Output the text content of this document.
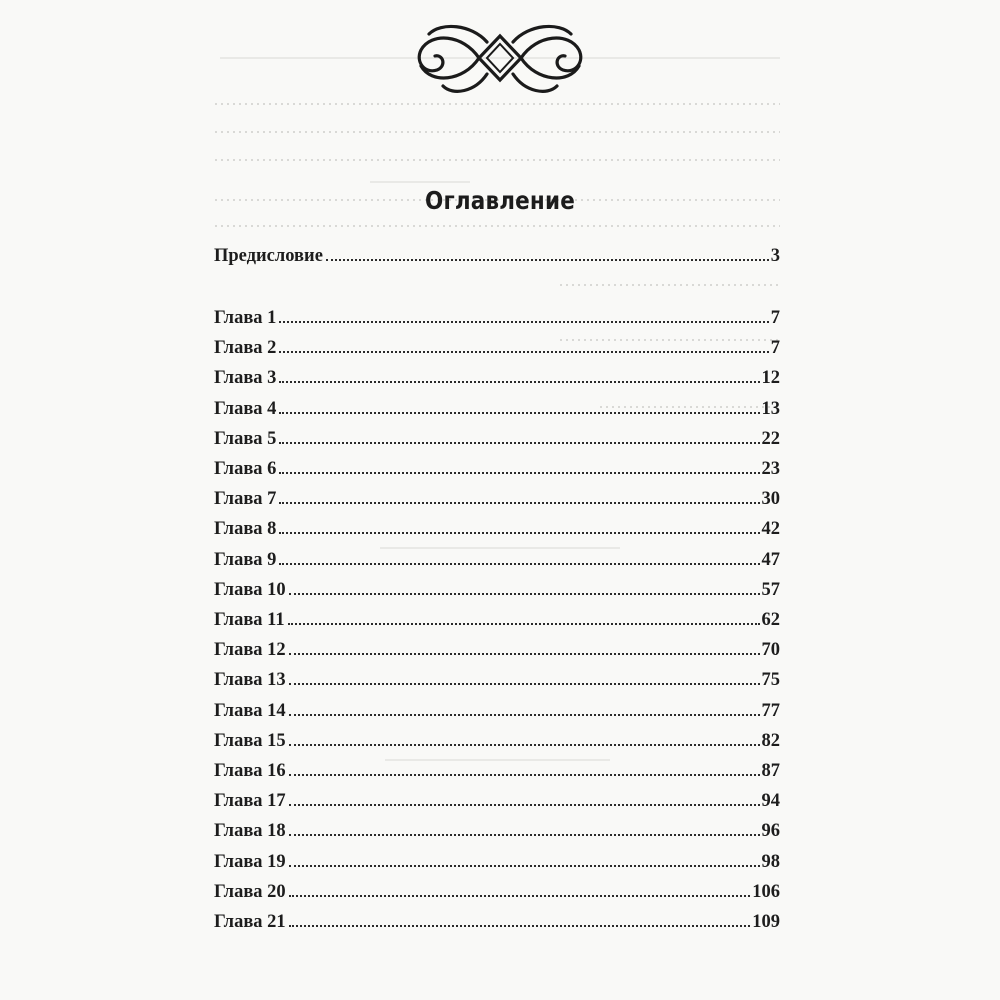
Оглавление
Предисловие	3
Глава 1	7
Глава 2	7
Глава 3	12
Глава 4	13
Глава 5	22
Глава 6	23
Глава 7	30
Глава 8	42
Глава 9	47
Глава 10	57
Глава 11	62
Глава 12	70
Глава 13	75
Глава 14	77
Глава 15	82
Глава 16	87
Глава 17	94
Глава 18	96
Глава 19	98
Глава 20	106
Глава 21	109
